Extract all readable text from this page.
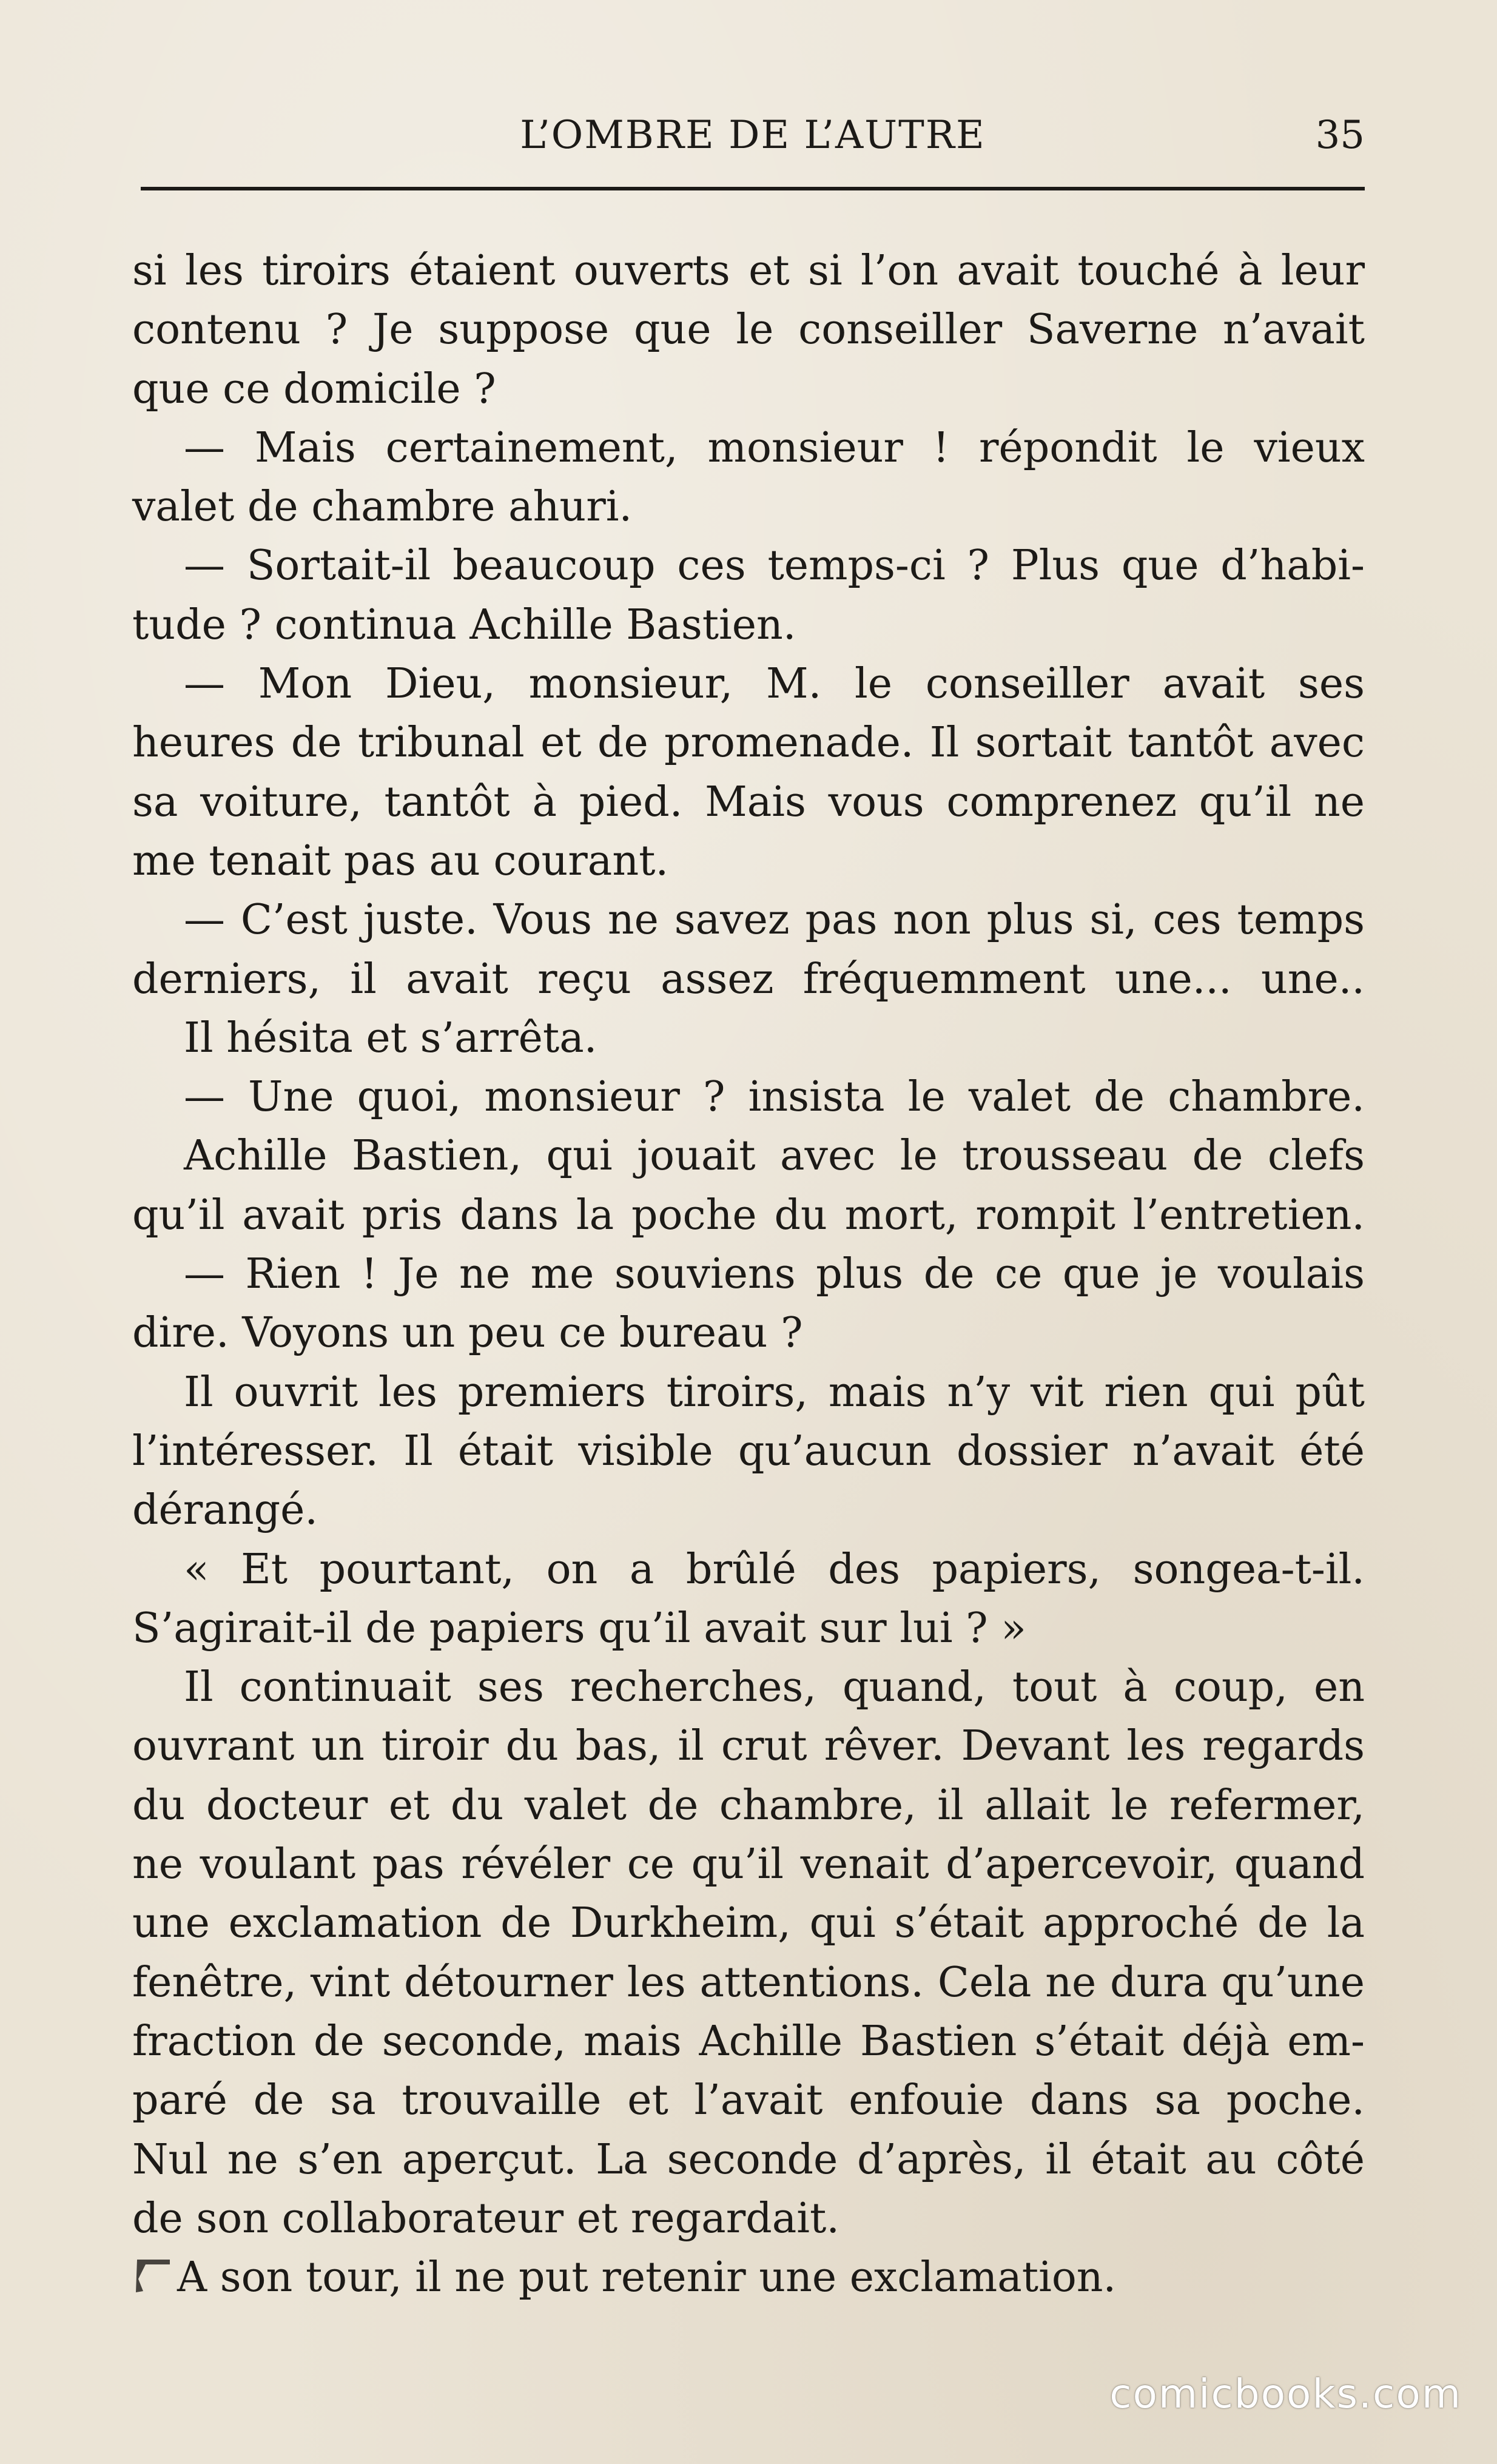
L’OMBRE DE L’AUTRE	35
si les tiroirs étaient ouverts et si l’on avait touché à leur
contenu ? Je suppose que le conseiller Saverne n’avait
que ce domicile ?
— Mais certainement, monsieur ! répondit le vieux
valet de chambre ahuri.
— Sortait-il beaucoup ces temps-ci ? Plus que d’habi-
tude ? continua Achille Bastien.
— Mon Dieu, monsieur, M. le conseiller avait ses
heures de tribunal et de promenade. Il sortait tantôt avec
sa voiture, tantôt à pied. Mais vous comprenez qu’il ne
me tenait pas au courant.
— C’est juste. Vous ne savez pas non plus si, ces temps
derniers, il avait reçu assez fréquemment une... une..
Il hésita et s’arrêta.
— Une quoi, monsieur ? insista le valet de chambre.
Achille Bastien, qui jouait avec le trousseau de clefs
qu’il avait pris dans la poche du mort, rompit l’entretien.
— Rien ! Je ne me souviens plus de ce que je voulais
dire. Voyons un peu ce bureau ?
Il ouvrit les premiers tiroirs, mais n’y vit rien qui pût
l’intéresser. Il était visible qu’aucun dossier n’avait été
dérangé.
« Et pourtant, on a brûlé des papiers, songea-t-il.
S’agirait-il de papiers qu’il avait sur lui ? »
Il continuait ses recherches, quand, tout à coup, en
ouvrant un tiroir du bas, il crut rêver. Devant les regards
du docteur et du valet de chambre, il allait le refermer,
ne voulant pas révéler ce qu’il venait d’apercevoir, quand
une exclamation de Durkheim, qui s’était approché de la
fenêtre, vint détourner les attentions. Cela ne dura qu’une
fraction de seconde, mais Achille Bastien s’était déjà em-
paré de sa trouvaille et l’avait enfouie dans sa poche.
Nul ne s’en aperçut. La seconde d’après, il était au côté
de son collaborateur et regardait.
A son tour, il ne put retenir une exclamation.
comicbooks.com
